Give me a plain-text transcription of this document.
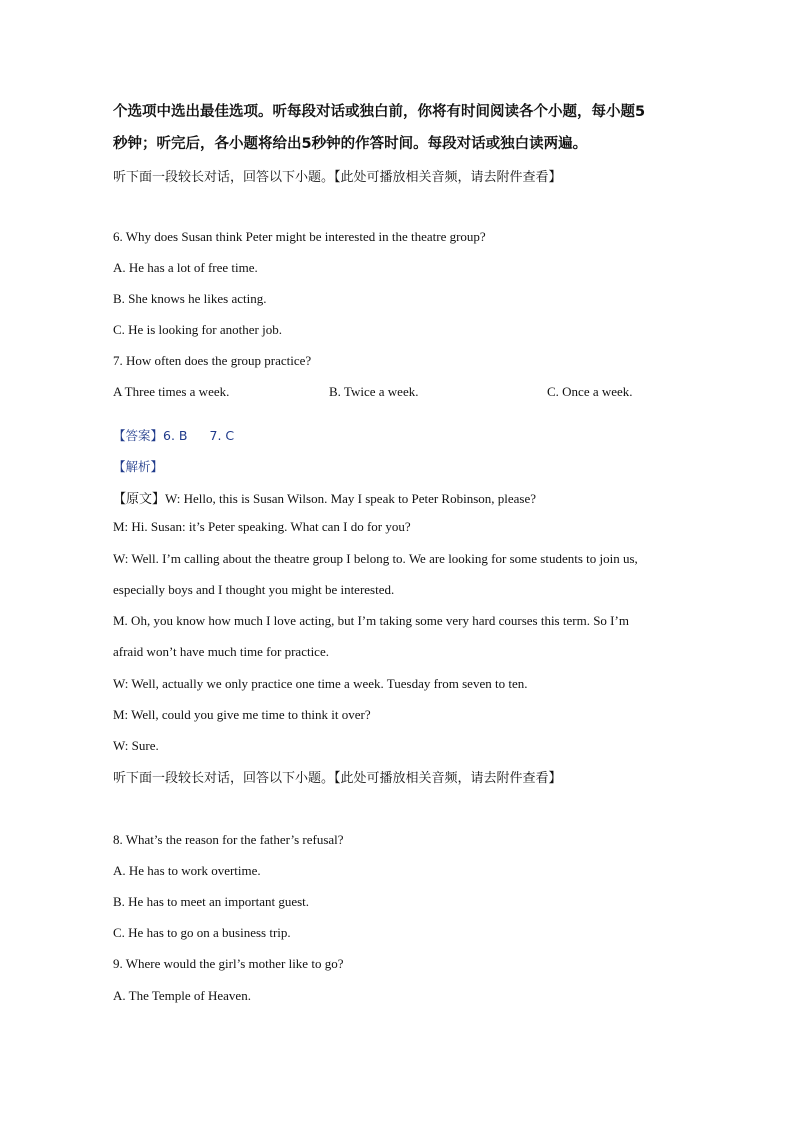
个选项中选出最佳选项。听每段对话或独白前，你将有时间阅读各个小题，每小题5
秒钟；听完后，各小题将给出5秒钟的作答时间。每段对话或独白读两遍。
听下面一段较长对话，回答以下小题。【此处可播放相关音频，请去附件查看】
6. Why does Susan think Peter might be interested in the theatre group?
A. He has a lot of free time.
B. She knows he likes acting.
C. He is looking for another job.
7. How often does the group practice?
A Three times a week.	B. Twice a week.	C. Once a week.
【答案】6. B 7. C
【解析】
【原文】W: Hello, this is Susan Wilson. May I speak to Peter Robinson, please?
M: Hi. Susan: it’s Peter speaking. What can I do for you?
W: Well. I’m calling about the theatre group I belong to. We are looking for some students to join us,
especially boys and I thought you might be interested.
M. Oh, you know how much I love acting, but I’m taking some very hard courses this term. So I’m
afraid won’t have much time for practice.
W: Well, actually we only practice one time a week. Tuesday from seven to ten.
M: Well, could you give me time to think it over?
W: Sure.
听下面一段较长对话，回答以下小题。【此处可播放相关音频，请去附件查看】
8. What’s the reason for the father’s refusal?
A. He has to work overtime.
B. He has to meet an important guest.
C. He has to go on a business trip.
9. Where would the girl’s mother like to go?
A. The Temple of Heaven.
